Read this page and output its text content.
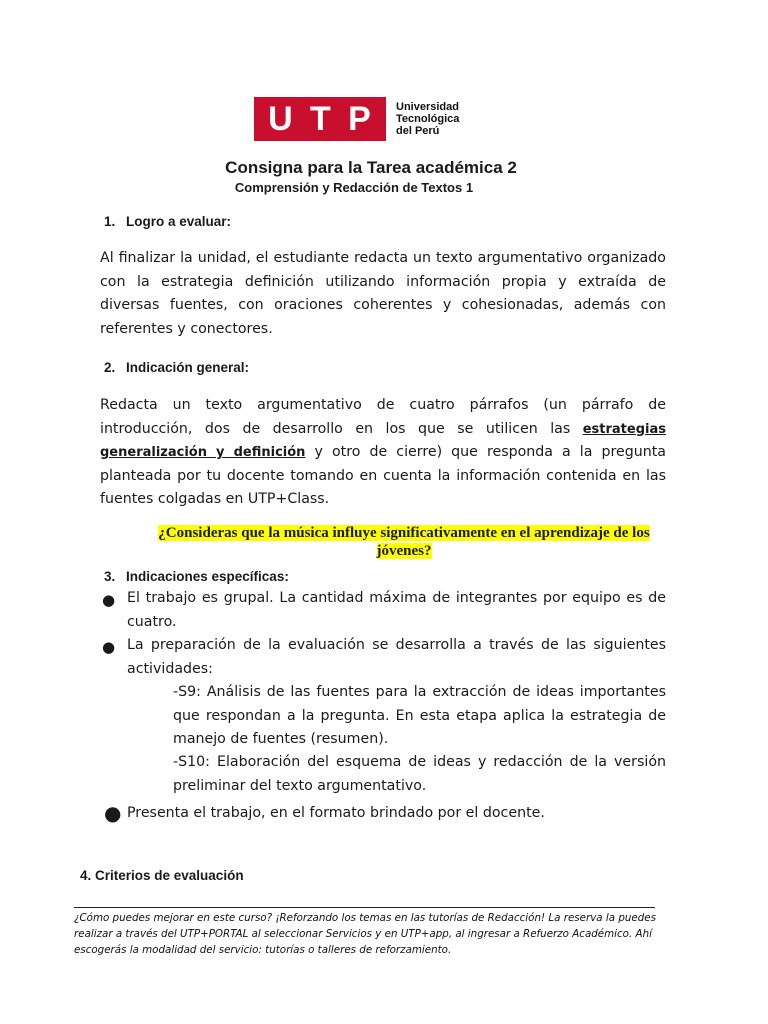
U T P Universidad
Tecnológica
del Perú
Consigna para la Tarea académica 2
Comprensión y Redacción de Textos 1
1. Logro a evaluar:
Al finalizar la unidad, el estudiante redacta un texto argumentativo organizado con la estrategia definición utilizando información propia y extraída de diversas fuentes, con oraciones coherentes y cohesionadas, además con referentes y conectores.
2. Indicación general:
Redacta un texto argumentativo de cuatro párrafos (un párrafo de introducción, dos de desarrollo en los que se utilicen las estrategias generalización y definición y otro de cierre) que responda a la pregunta planteada por tu docente tomando en cuenta la información contenida en las fuentes colgadas en UTP+Class.
¿Consideras que la música influye significativamente en el aprendizaje de los jóvenes?
3. Indicaciones específicas:
● El trabajo es grupal. La cantidad máxima de integrantes por equipo es de cuatro.
● La preparación de la evaluación se desarrolla a través de las siguientes actividades:
-S9: Análisis de las fuentes para la extracción de ideas importantes que respondan a la pregunta. En esta etapa aplica la estrategia de manejo de fuentes (resumen).
-S10: Elaboración del esquema de ideas y redacción de la versión preliminar del texto argumentativo.
● Presenta el trabajo, en el formato brindado por el docente.
4. Criterios de evaluación
¿Cómo puedes mejorar en este curso? ¡Reforzando los temas en las tutorías de Redacción! La reserva la puedes realizar a través del UTP+PORTAL al seleccionar Servicios y en UTP+app, al ingresar a Refuerzo Académico. Ahí escogerás la modalidad del servicio: tutorías o talleres de reforzamiento.
